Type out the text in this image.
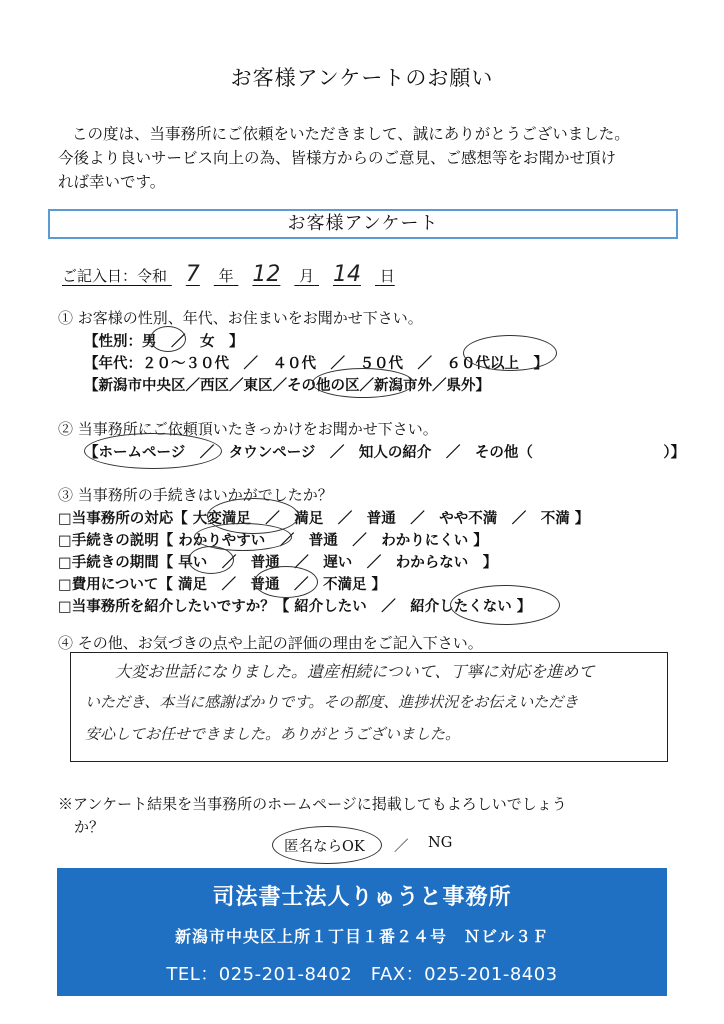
お客様アンケートのお願い
この度は、当事務所にご依頼をいただきまして、誠にありがとうございました。
今後より良いサービス向上の為、皆様方からのご意見、ご感想等をお聞かせ頂け
れば幸いです。
お客様アンケート
ご記入日：令和 7 年 12 月 14 日
① お客様の性別、年代、お住まいをお聞かせ下さい。
【性別：男　／　女　】
【年代：２０～３０代　／　４０代　／　５０代　／　６０代以上　】
【新潟市中央区／西区／東区／その他の区／新潟市外／県外】
② 当事務所にご依頼頂いたきっかけをお聞かせ下さい。
【ホームページ　／　タウンページ　／　知人の紹介　／　その他（　　　　　　　　　）】
③ 当事務所の手続きはいかがでしたか？
□当事務所の対応【 大変満足　／　満足　／　普通　／　やや不満　／　不満 】
□手続きの説明【 わかりやすい　／　普通　／　わかりにくい 】
□手続きの期間【 早い　／　普通　／　遅い　／　わからない　】
□費用について【 満足　／　普通　／　不満足 】
□当事務所を紹介したいですか？【 紹介したい　／　紹介したくない 】
④ その他、お気づきの点や上記の評価の理由をご記入下さい。
大変お世話になりました。遺産相続について、丁寧に対応を進めて
いただき、本当に感謝ばかりです。その都度、進捗状況をお伝えいただき
安心してお任せできました。ありがとうございました。
※アンケート結果を当事務所のホームページに掲載してもよろしいでしょう
か？
匿名ならOK ／ NG
司法書士法人りゅうと事務所
新潟市中央区上所１丁目１番２４号　Ｎビル３Ｆ
TEL：025-201-8402　FAX：025-201-8403
